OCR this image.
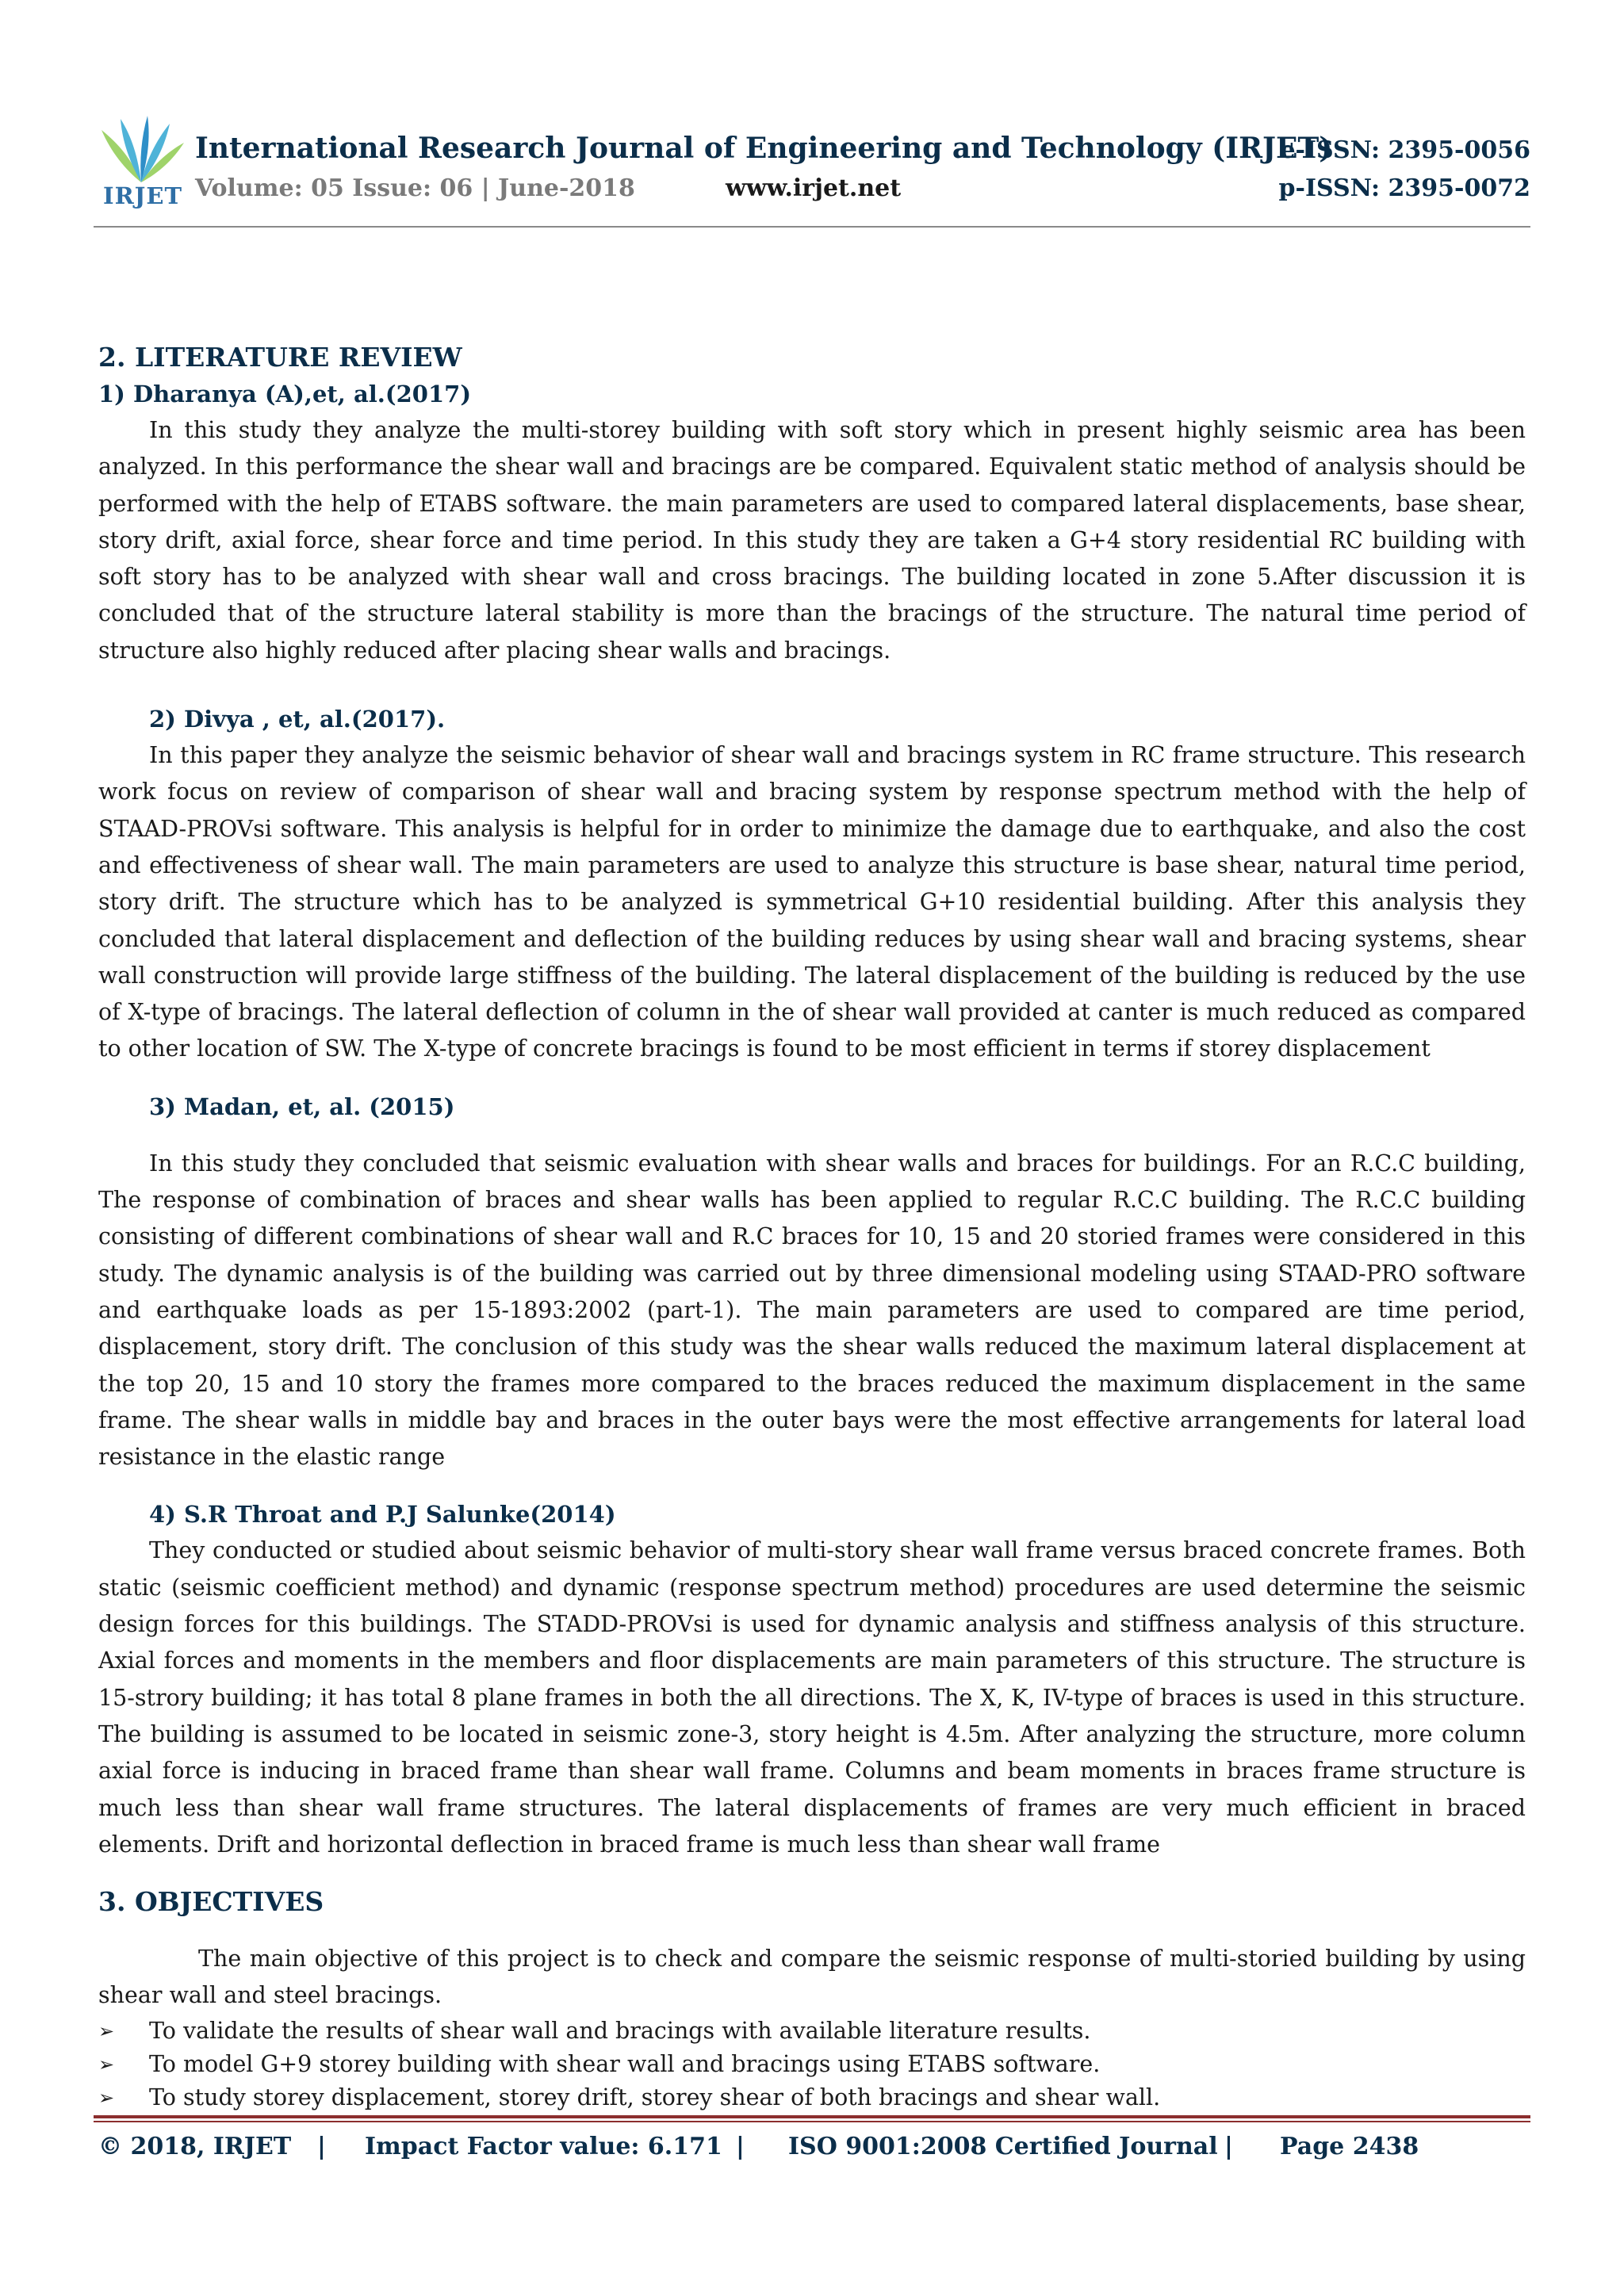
IRJET
International Research Journal of Engineering and Technology (IRJET)
e-ISSN: 2395-0056
Volume: 05 Issue: 06 | June-2018	www.irjet.net	p-ISSN: 2395-0072
2. LITERATURE REVIEW
1) Dharanya (A),et, al.(2017)

In this study they analyze the multi-storey building with soft story which in present highly seismic area has been analyzed. In this performance the shear wall and bracings are be compared. Equivalent static method of analysis should be performed with the help of ETABS software. the main parameters are used to compared lateral displacements, base shear, story drift, axial force, shear force and time period. In this study they are taken a G+4 story residential RC building with soft story has to be analyzed with shear wall and cross bracings. The building located in zone 5.After discussion it is concluded that of the structure lateral stability is more than the bracings of the structure. The natural time period of structure also highly reduced after placing shear walls and bracings.

2) Divya , et, al.(2017).

In this paper they analyze the seismic behavior of shear wall and bracings system in RC frame structure. This research work focus on review of comparison of shear wall and bracing system by response spectrum method with the help of STAAD-PROVsi software. This analysis is helpful for in order to minimize the damage due to earthquake, and also the cost and effectiveness of shear wall. The main parameters are used to analyze this structure is base shear, natural time period, story drift. The structure which has to be analyzed is symmetrical G+10 residential building. After this analysis they concluded that lateral displacement and deflection of the building reduces by using shear wall and bracing systems, shear wall construction will provide large stiffness of the building. The lateral displacement of the building is reduced by the use of X-type of bracings. The lateral deflection of column in the of shear wall provided at canter is much reduced as compared to other location of SW. The X-type of concrete bracings is found to be most efficient in terms if storey displacement

3) Madan, et, al. (2015)

In this study they concluded that seismic evaluation with shear walls and braces for buildings. For an R.C.C building, The response of combination of braces and shear walls has been applied to regular R.C.C building. The R.C.C building consisting of different combinations of shear wall and R.C braces for 10, 15 and 20 storied frames were considered in this study. The dynamic analysis is of the building was carried out by three dimensional modeling using STAAD-PRO software and earthquake loads as per 15-1893:2002 (part-1). The main parameters are used to compared are time period, displacement, story drift. The conclusion of this study was the shear walls reduced the maximum lateral displacement at the top 20, 15 and 10 story the frames more compared to the braces reduced the maximum displacement in the same frame. The shear walls in middle bay and braces in the outer bays were the most effective arrangements for lateral load resistance in the elastic range

4) S.R Throat and P.J Salunke(2014)

They conducted or studied about seismic behavior of multi-story shear wall frame versus braced concrete frames. Both static (seismic coefficient method) and dynamic (response spectrum method) procedures are used determine the seismic design forces for this buildings. The STADD-PROVsi is used for dynamic analysis and stiffness analysis of this structure. Axial forces and moments in the members and floor displacements are main parameters of this structure. The structure is 15-strory building; it has total 8 plane frames in both the all directions. The X, K, IV-type of braces is used in this structure. The building is assumed to be located in seismic zone-3, story height is 4.5m. After analyzing the structure, more column axial force is inducing in braced frame than shear wall frame. Columns and beam moments in braces frame structure is much less than shear wall frame structures. The lateral displacements of frames are very much efficient in braced elements. Drift and horizontal deflection in braced frame is much less than shear wall frame

3. OBJECTIVES

The main objective of this project is to check and compare the seismic response of multi-storied building by using shear wall and steel bracings.

➢ To validate the results of shear wall and bracings with available literature results.
➢ To model G+9 storey building with shear wall and bracings using ETABS software.
➢ To study storey displacement, storey drift, storey shear of both bracings and shear wall.
© 2018, IRJET | Impact Factor value: 6.171 | ISO 9001:2008 Certified Journal | Page 2438
